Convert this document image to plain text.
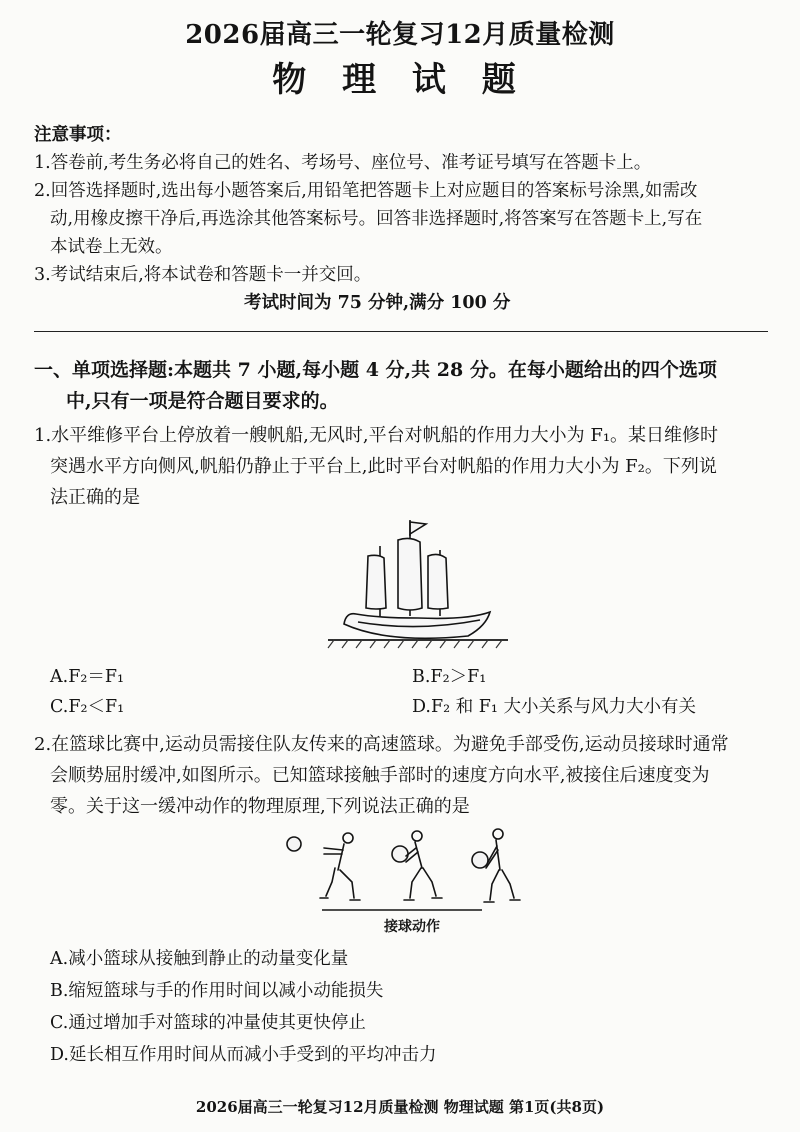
2026届高三一轮复习12月质量检测
物 理 试 题
注意事项：
1.答卷前,考生务必将自己的姓名、考场号、座位号、准考证号填写在答题卡上。
2.回答选择题时,选出每小题答案后,用铅笔把答题卡上对应题目的答案标号涂黑,如需改
动,用橡皮擦干净后,再选涂其他答案标号。回答非选择题时,将答案写在答题卡上,写在
本试卷上无效。
3.考试结束后,将本试卷和答题卡一并交回。
考试时间为 75 分钟,满分 100 分
一、单项选择题:本题共 7 小题,每小题 4 分,共 28 分。在每小题给出的四个选项
中,只有一项是符合题目要求的。
1.水平维修平台上停放着一艘帆船,无风时,平台对帆船的作用力大小为 F₁。某日维修时
突遇水平方向侧风,帆船仍静止于平台上,此时平台对帆船的作用力大小为 F₂。下列说
法正确的是
A.F₂＝F₁	B.F₂＞F₁
C.F₂＜F₁	D.F₂ 和 F₁ 大小关系与风力大小有关
2.在篮球比赛中,运动员需接住队友传来的高速篮球。为避免手部受伤,运动员接球时通常
会顺势屈肘缓冲,如图所示。已知篮球接触手部时的速度方向水平,被接住后速度变为
零。关于这一缓冲动作的物理原理,下列说法正确的是
接球动作
A.减小篮球从接触到静止的动量变化量
B.缩短篮球与手的作用时间以减小动能损失
C.通过增加手对篮球的冲量使其更快停止
D.延长相互作用时间从而减小手受到的平均冲击力
2026届高三一轮复习12月质量检测 物理试题 第1页(共8页)
